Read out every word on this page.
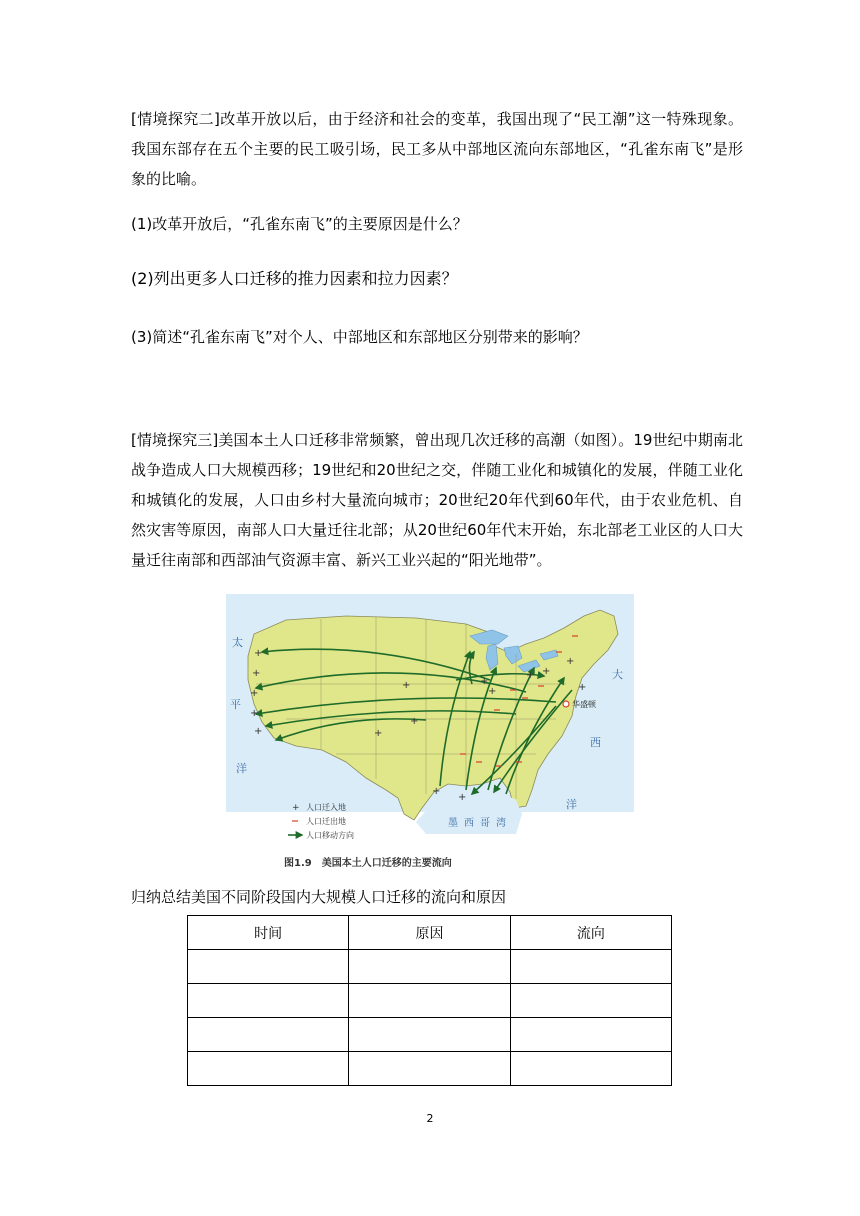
[情境探究二]改革开放以后，由于经济和社会的变革，我国出现了“民工潮”这一特殊现象。我国东部存在五个主要的民工吸引场，民工多从中部地区流向东部地区，“孔雀东南飞”是形象的比喻。

(1)改革开放后，“孔雀东南飞”的主要原因是什么？

(2)列出更多人口迁移的推力因素和拉力因素？

(3)简述“孔雀东南飞”对个人、中部地区和东部地区分别带来的影响？

[情境探究三]美国本土人口迁移非常频繁，曾出现几次迁移的高潮（如图）。19世纪中期南北战争造成人口大规模西移；19世纪和20世纪之交，伴随工业化和城镇化的发展，伴随工业化和城镇化的发展，人口由乡村大量流向城市；20世纪20年代到60年代，由于农业危机、自然灾害等原因，南部人口大量迁往北部；从20世纪60年代末开始，东北部老工业区的人口大量迁往南部和西部油气资源丰富、新兴工业兴起的“阳光地带”。

+
+
+
+
+
+
+
+
+
+
+
+ +
+
+
+
华盛顿
太
平
洋
大
西
洋
墨西哥湾
+ 人口迁入地
人口迁出地
人口移动方向
图1.9　美国本土人口迁移的主要流向

归纳总结美国不同阶段国内大规模人口迁移的流向和原因

时间	原因	流向

2
